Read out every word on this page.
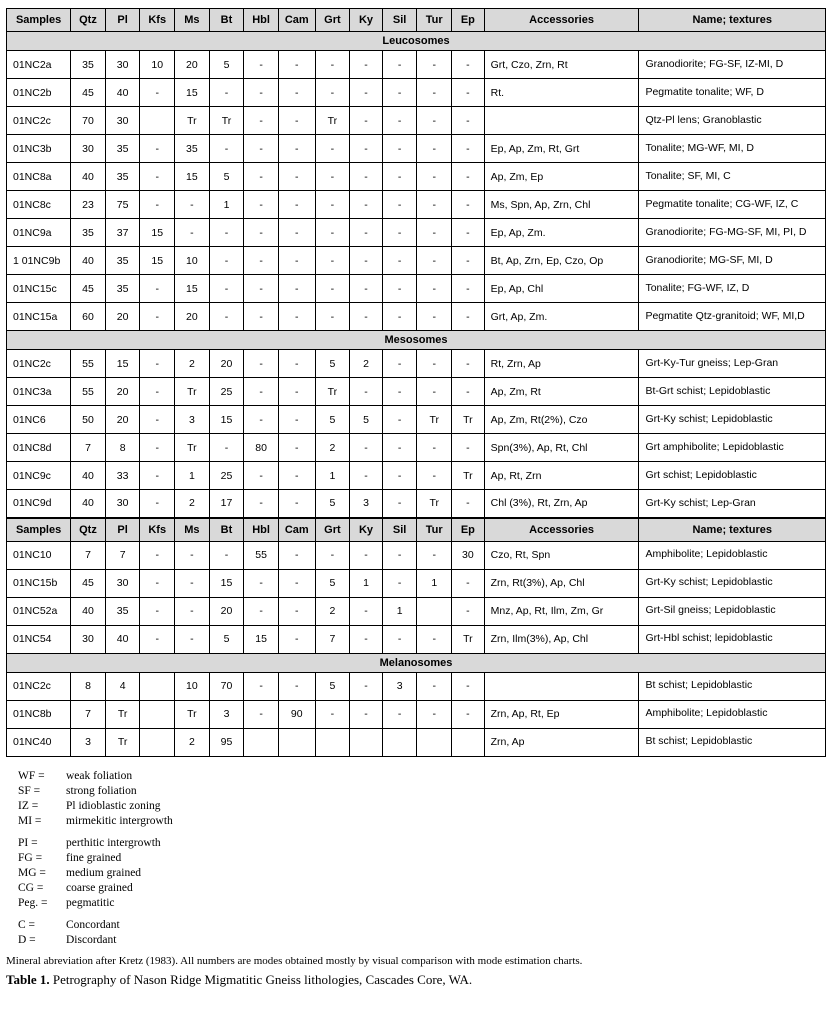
Samples	Qtz	Pl	Kfs	Ms	Bt	Hbl	Cam	Grt	Ky	Sil	Tur	Ep	Accessories	Name; textures
Leucosomes														
01NC2a	35	30	10	20	5	-	-	-	-	-	-	-	Grt, Czo, Zrn, Rt	Granodiorite; FG-SF, IZ-MI, D
01NC2b	45	40	-	15	-	-	-	-	-	-	-	-	Rt.	Pegmatite tonalite; WF, D
01NC2c	70	30		Tr	Tr	-	-	Tr	-	-	-	-		Qtz-Pl lens; Granoblastic
01NC3b	30	35	-	35	-	-	-	-	-	-	-	-	Ep, Ap, Zm, Rt, Grt	Tonalite; MG-WF, MI, D
01NC8a	40	35	-	15	5	-	-	-	-	-	-	-	Ap, Zm, Ep	Tonalite; SF, MI, C
01NC8c	23	75	-	-	1	-	-	-	-	-	-	-	Ms, Spn, Ap, Zrn, Chl	Pegmatite tonalite; CG-WF, IZ, C
01NC9a	35	37	15	-	-	-	-	-	-	-	-	-	Ep, Ap, Zm.	Granodiorite; FG-MG-SF, MI, PI, D
1 01NC9b	40	35	15	10	-	-	-	-	-	-	-	-	Bt, Ap, Zrn, Ep, Czo, Op	Granodiorite; MG-SF, MI, D
01NC15c	45	35	-	15	-	-	-	-	-	-	-	-	Ep, Ap, Chl	Tonalite; FG-WF, IZ, D
01NC15a	60	20	-	20	-	-	-	-	-	-	-	-	Grt, Ap, Zm.	Pegmatite Qtz-granitoid; WF, MI,D
Mesosomes														
01NC2c	55	15	-	2	20	-	-	5	2	-	-	-	Rt, Zrn, Ap	Grt-Ky-Tur gneiss; Lep-Gran
01NC3a	55	20	-	Tr	25	-	-	Tr	-	-	-	-	Ap, Zm, Rt	Bt-Grt schist; Lepidoblastic
01NC6	50	20	-	3	15	-	-	5	5	-	Tr	Tr	Ap, Zm, Rt(2%), Czo	Grt-Ky schist; Lepidoblastic
01NC8d	7	8	-	Tr	-	80	-	2	-	-	-	-	Spn(3%), Ap, Rt, Chl	Grt amphibolite; Lepidoblastic
01NC9c	40	33	-	1	25	-	-	1	-	-	-	Tr	Ap, Rt, Zrn	Grt schist; Lepidoblastic
01NC9d	40	30	-	2	17	-	-	5	3	-	Tr	-	Chl (3%), Rt, Zrn, Ap	Grt-Ky schist; Lep-Gran
Samples	Qtz	Pl	Kfs	Ms	Bt	Hbl	Cam	Grt	Ky	Sil	Tur	Ep	Accessories	Name; textures
01NC10	7	7	-	-	-	55	-	-	-	-	-	30	Czo, Rt, Spn	Amphibolite; Lepidoblastic
01NC15b	45	30	-	-	15	-	-	5	1	-	1	-	Zrn, Rt(3%), Ap, Chl	Grt-Ky schist; Lepidoblastic
01NC52a	40	35	-	-	20	-	-	2	-	1		-	Mnz, Ap, Rt, Ilm, Zm, Gr	Grt-Sil gneiss; Lepidoblastic
01NC54	30	40	-	-	5	15	-	7	-	-	-	Tr	Zrn, Ilm(3%), Ap, Chl	Grt-Hbl schist; lepidoblastic
Melanosomes														
01NC2c	8	4		10	70	-	-	5	-	3	-	-		Bt schist; Lepidoblastic
01NC8b	7	Tr		Tr	3	-	90	-	-	-	-	-	Zrn, Ap, Rt, Ep	Amphibolite; Lepidoblastic
01NC40	3	Tr		2	95								Zrn, Ap	Bt schist; Lepidoblastic
WF =	weak foliation
SF =	strong foliation
IZ =	Pl idioblastic zoning
MI =	mirmekitic intergrowth
PI =	perthitic intergrowth
FG =	fine grained
MG =	medium grained
CG =	coarse grained
Peg. =	pegmatitic
C =	Concordant
D =	Discordant

Mineral abreviation after Kretz (1983). All numbers are modes obtained mostly by visual comparison with mode estimation charts.

Table 1. Petrography of Nason Ridge Migmatitic Gneiss lithologies, Cascades Core, WA.
